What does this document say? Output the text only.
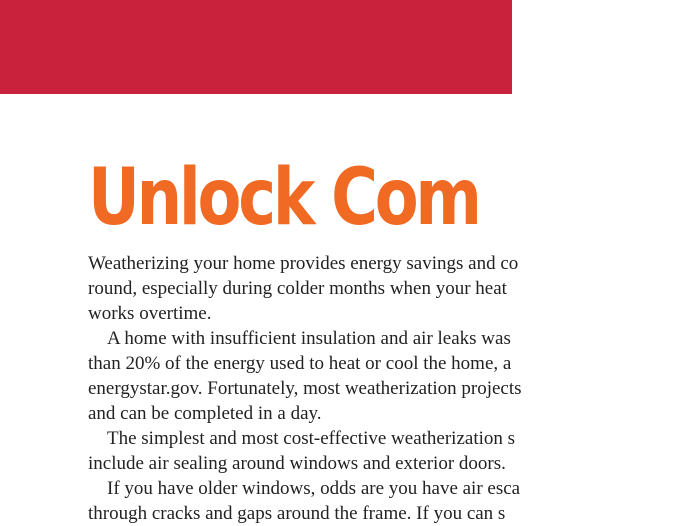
Unlock Com
Weatherizing your home provides energy savings and co
round, especially during colder months when your heat
works overtime.
A home with insufficient insulation and air leaks was
than 20% of the energy used to heat or cool the home, a
energystar.gov. Fortunately, most weatherization projects
and can be completed in a day.
The simplest and most cost-effective weatherization s
include air sealing around windows and exterior doors.
If you have older windows, odds are you have air esca
through cracks and gaps around the frame. If you can s
